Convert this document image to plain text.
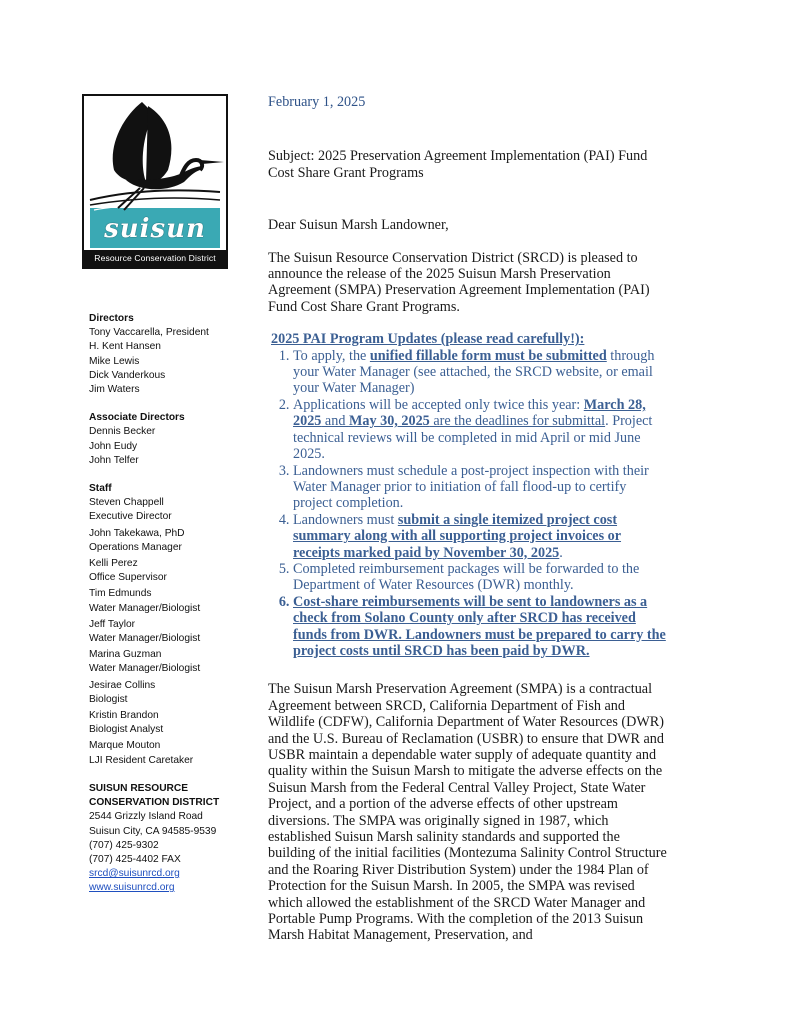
suisun
Resource Conservation District
Directors
Tony Vaccarella, President
H. Kent Hansen
Mike Lewis
Dick Vanderkous
Jim Waters
Associate Directors
Dennis Becker
John Eudy
John Telfer
Staff
Steven Chappell
Executive Director
John Takekawa, PhD
Operations Manager
Kelli Perez
Office Supervisor
Tim Edmunds
Water Manager/Biologist
Jeff Taylor
Water Manager/Biologist
Marina Guzman
Water Manager/Biologist
Jesirae Collins
Biologist
Kristin Brandon
Biologist Analyst
Marque Mouton
LJI Resident Caretaker
SUISUN RESOURCE
CONSERVATION DISTRICT
2544 Grizzly Island Road
Suisun City, CA 94585-9539
(707) 425-9302
(707) 425-4402 FAX
srcd@suisunrcd.org
www.suisunrcd.org
February 1, 2025
Subject: 2025 Preservation Agreement Implementation (PAI) Fund Cost Share Grant Programs
Dear Suisun Marsh Landowner,
The Suisun Resource Conservation District (SRCD) is pleased to announce the release of the 2025 Suisun Marsh Preservation Agreement (SMPA) Preservation Agreement Implementation (PAI) Fund Cost Share Grant Programs.
2025 PAI Program Updates (please read carefully!):
1. To apply, the unified fillable form must be submitted through your Water Manager (see attached, the SRCD website, or email your Water Manager)
2. Applications will be accepted only twice this year: March 28, 2025 and May 30, 2025 are the deadlines for submittal. Project technical reviews will be completed in mid April or mid June 2025.
3. Landowners must schedule a post-project inspection with their Water Manager prior to initiation of fall flood-up to certify project completion.
4. Landowners must submit a single itemized project cost summary along with all supporting project invoices or receipts marked paid by November 30, 2025.
5. Completed reimbursement packages will be forwarded to the Department of Water Resources (DWR) monthly.
6. Cost-share reimbursements will be sent to landowners as a check from Solano County only after SRCD has received funds from DWR. Landowners must be prepared to carry the project costs until SRCD has been paid by DWR.
The Suisun Marsh Preservation Agreement (SMPA) is a contractual Agreement between SRCD, California Department of Fish and Wildlife (CDFW), California Department of Water Resources (DWR) and the U.S. Bureau of Reclamation (USBR) to ensure that DWR and USBR maintain a dependable water supply of adequate quantity and quality within the Suisun Marsh to mitigate the adverse effects on the Suisun Marsh from the Federal Central Valley Project, State Water Project, and a portion of the adverse effects of other upstream diversions. The SMPA was originally signed in 1987, which established Suisun Marsh salinity standards and supported the building of the initial facilities (Montezuma Salinity Control Structure and the Roaring River Distribution System) under the 1984 Plan of Protection for the Suisun Marsh. In 2005, the SMPA was revised which allowed the establishment of the SRCD Water Manager and Portable Pump Programs. With the completion of the 2013 Suisun Marsh Habitat Management, Preservation, and
